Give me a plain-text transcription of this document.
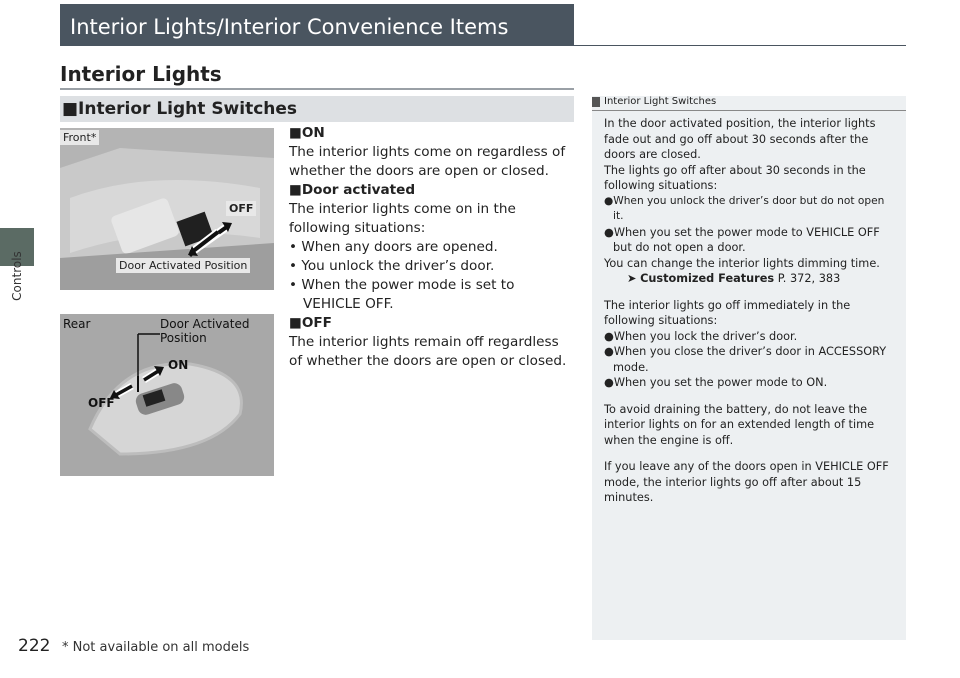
Controls
Interior Lights/Interior Convenience Items
Interior Lights
■Interior Light Switches
Front*
OFF
Door Activated Position
Rear	Door Activated Position
ON
OFF
■ON
The interior lights come on regardless of whether the doors are open or closed.
■Door activated
The interior lights come on in the following situations:
• When any doors are opened.
• You unlock the driver’s door.
• When the power mode is set to VEHICLE OFF.
■OFF
The interior lights remain off regardless of whether the doors are open or closed.
Interior Light Switches
In the door activated position, the interior lights fade out and go off about 30 seconds after the doors are closed.
The lights go off after about 30 seconds in the following situations:
●When you unlock the driver’s door but do not open it.
●When you set the power mode to VEHICLE OFF but do not open a door.
You can change the interior lights dimming time.
➤ Customized Features P. 372, 383
The interior lights go off immediately in the following situations:
●When you lock the driver’s door.
●When you close the driver’s door in ACCESSORY mode.
●When you set the power mode to ON.
To avoid draining the battery, do not leave the interior lights on for an extended length of time when the engine is off.
If you leave any of the doors open in VEHICLE OFF mode, the interior lights go off after about 15 minutes.
222 * Not available on all models
